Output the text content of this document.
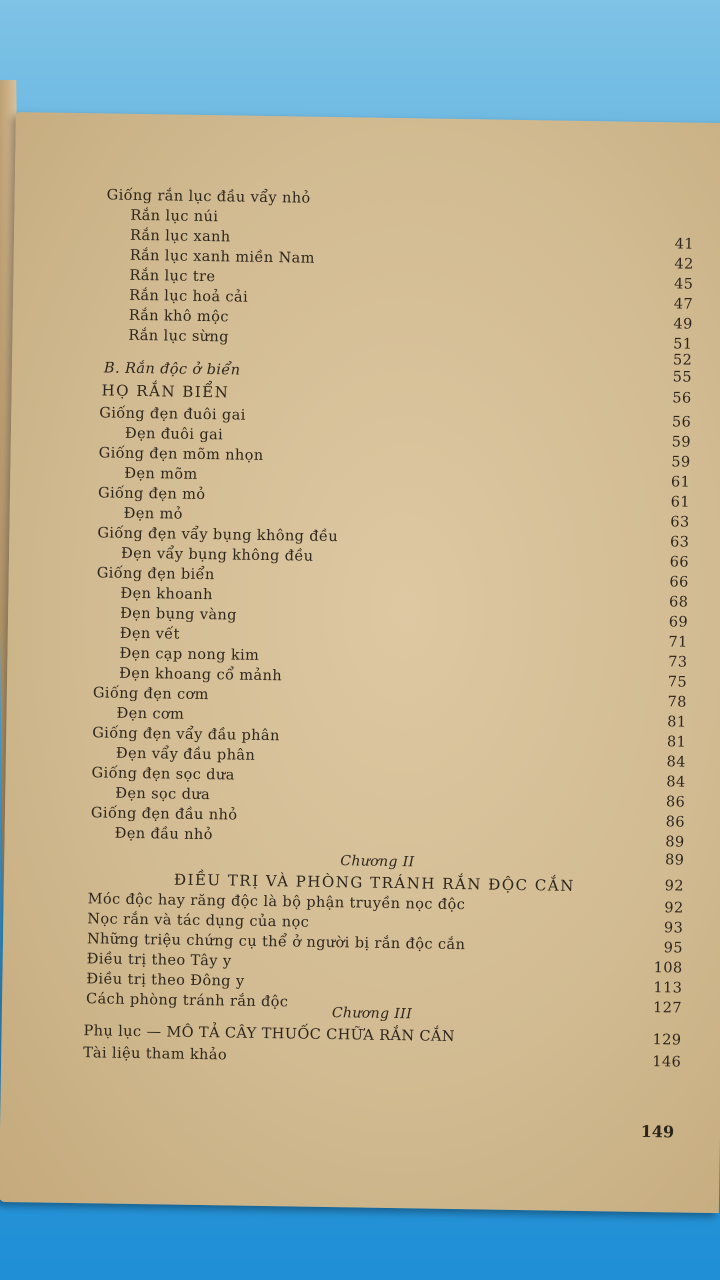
Giống rắn lục đầu vẩy nhỏ
Rắn lục núi
Rắn lục xanh	41
Rắn lục xanh miền Nam	42
Rắn lục tre	45
Rắn lục hoả cải	47
Rắn khô mộc	49
Rắn lục sừng	51
52
B. Rắn độc ở biển	55
HỌ RẮN BIỂN	56
Giống đẹn đuôi gai	56
Đẹn đuôi gai	59
Giống đẹn mõm nhọn	59
Đẹn mõm	61
Giống đẹn mỏ	61
Đẹn mỏ	63
Giống đẹn vẩy bụng không đều	63
Đẹn vẩy bụng không đều	66
Giống đẹn biển	66
Đẹn khoanh	68
Đẹn bụng vàng	69
Đẹn vết	71
Đẹn cạp nong kim	73
Đẹn khoang cổ mảnh	75
Giống đẹn cơm	78
Đẹn cơm	81
Giống đẹn vẩy đầu phân	81
Đẹn vẩy đầu phân	84
Giống đẹn sọc dưa	84
Đẹn sọc dưa	86
Giống đẹn đầu nhỏ	86
Đẹn đầu nhỏ	89
89
Chương II
ĐIỀU TRỊ VÀ PHÒNG TRÁNH RẮN ĐỘC CẮN	92
Móc độc hay răng độc là bộ phận truyền nọc độc	92
Nọc rắn và tác dụng của nọc	93
Những triệu chứng cụ thể ở người bị rắn độc cắn	95
Điều trị theo Tây y	108
Điều trị theo Đông y	113
Cách phòng tránh rắn độc	127
Chương III
Phụ lục — MÔ TẢ CÂY THUỐC CHỮA RẮN CẮN	129
Tài liệu tham khảo	146
149
